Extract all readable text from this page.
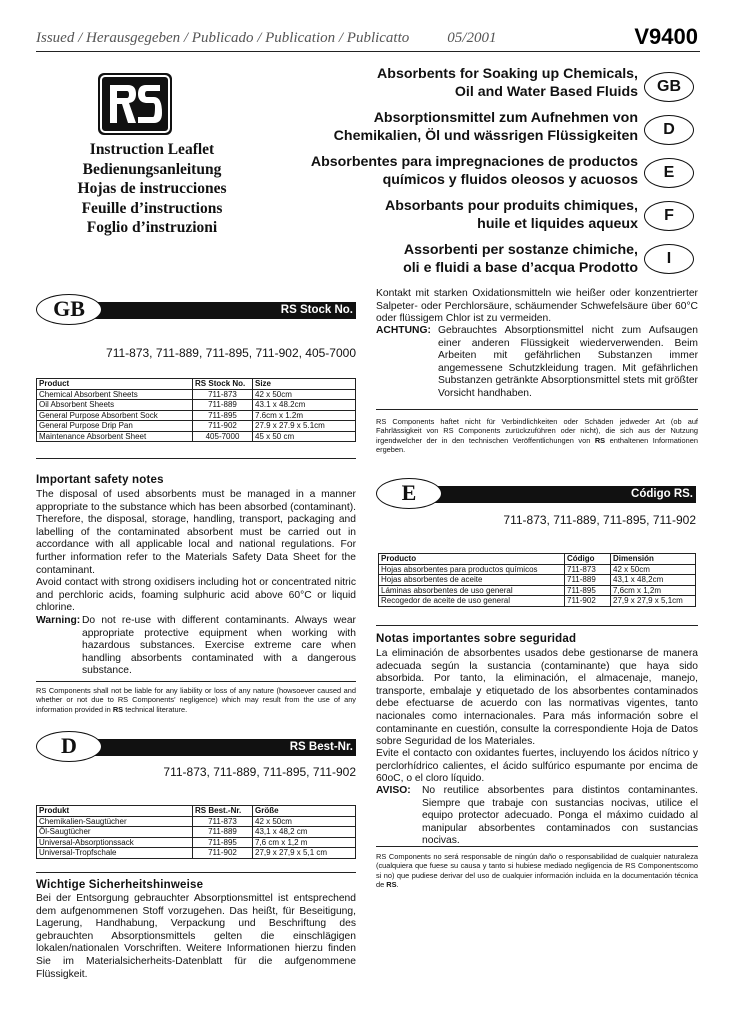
Issued / Herausgegeben / Publicado / Publication / Publicatto	05/2001	V9400
Instruction Leaflet
Bedienungsanleitung
Hojas de instrucciones
Feuille d’instructions
Foglio d’instruzioni
Absorbents for Soaking up Chemicals,
Oil and Water Based Fluids
Absorptionsmittel zum Aufnehmen von
Chemikalien, Öl und wässrigen Flüssigkeiten
Absorbentes para impregnaciones de productos
químicos y fluidos oleosos y acuosos
Absorbants pour produits chimiques,
huile et liquides aqueux
Assorbenti per sostanze chimiche,
oli e fluidi a base d’acqua Prodotto
GB
D
E
F
I
GB	RS Stock No.
711-873, 711-889, 711-895, 711-902, 405-7000
Product	RS Stock No.	Size
Chemical Absorbent Sheets	711-873	42 x 50cm
Oil Absorbent Sheets	711-889	43.1 x 48.2cm
General Purpose Absorbent Sock	711-895	7.6cm x 1.2m
General Purpose Drip Pan	711-902	27.9 x 27.9 x 5.1cm
Maintenance Absorbent Sheet	405-7000	45 x 50 cm
Important safety notes
The disposal of used absorbents must be managed in a manner appropriate to the substance which has been absorbed (contaminant). Therefore, the disposal, storage, handling, transport, packaging and labelling of the contaminated absorbent must be carried out in accordance with all applicable local and national regulations. For further information refer to the Materials Safety Data Sheet for the contaminant.
Avoid contact with strong oxidisers including hot or concentrated nitric and perchloric acids, foaming sulphuric acid above 60°C or liquid chlorine.
Warning: Do not re-use with different contaminants. Always wear appropriate protective equipment when working with hazardous substances. Exercise extreme care when handling absorbents contaminated with a dangerous substance.
RS Components shall not be liable for any liability or loss of any nature (howsoever caused and whether or not due to RS Components’ negligence) which may result from the use of any information provided in RS technical literature.
D	RS Best-Nr.
711-873, 711-889, 711-895, 711-902
Produkt	RS Best.-Nr.	Größe
Chemikalien-Saugtücher	711-873	42 x 50cm
Öl-Saugtücher	711-889	43,1 x 48,2 cm
Universal-Absorptionssack	711-895	7,6 cm x 1,2 m
Universal-Tropfschale	711-902	27,9 x 27,9 x 5,1 cm
Wichtige Sicherheitshinweise
Bei der Entsorgung gebrauchter Absorptionsmittel ist entsprechend dem aufgenommenen Stoff vorzugehen. Das heißt, für Beseitigung, Lagerung, Handhabung, Verpackung und Beschriftung des gebrauchten Absorptionsmittels gelten die einschlägigen lokalen/nationalen Vorschriften. Weitere Informationen hierzu finden Sie im Materialsicherheits-Datenblatt für die aufgenommene Flüssigkeit.
Kontakt mit starken Oxidationsmitteln wie heißer oder konzentrierter Salpeter- oder Perchlorsäure, schäumender Schwefelsäure über 60°C oder flüssigem Chlor ist zu vermeiden.
ACHTUNG: Gebrauchtes Absorptionsmittel nicht zum Aufsaugen einer anderen Flüssigkeit wiederverwenden. Beim Arbeiten mit gefährlichen Substanzen immer angemessene Schutzkleidung tragen. Mit gefährlichen Substanzen getränkte Absorptionsmittel stets mit größter Vorsicht handhaben.
RS Components haftet nicht für Verbindlichkeiten oder Schäden jedweder Art (ob auf Fahrlässigkeit von RS Components zurückzuführen oder nicht), die sich aus der Nutzung irgendwelcher der in den technischen Veröffentlichungen von RS enthaltenen Informationen ergeben.
E	Código RS.
711-873, 711-889, 711-895, 711-902
Producto	Código	Dimensión
Hojas absorbentes para productos químicos	711-873	42 x 50cm
Hojas absorbentes de aceite	711-889	43,1 x 48,2cm
Láminas absorbentes de uso general	711-895	7,6cm x 1,2m
Recogedor de aceite de uso general	711-902	27,9 x 27,9 x 5,1cm
Notas importantes sobre seguridad
La eliminación de absorbentes usados debe gestionarse de manera adecuada según la sustancia (contaminante) que haya sido absorbida. Por tanto, la eliminación, el almacenaje, manejo, transporte, embalaje y etiquetado de los absorbentes contaminados debe efectuarse de acuerdo con las normativas vigentes, tanto nacionales como internacionales. Para más información sobre el contaminante en cuestión, consulte la correspondiente Hoja de Datos sobre Seguridad de los Materiales.
Evite el contacto con oxidantes fuertes, incluyendo los ácidos nítrico y perclorhídrico calientes, el ácido sulfúrico espumante por encima de 60oC, o el cloro líquido.
AVISO:	No reutilice absorbentes para distintos contaminantes. Siempre que trabaje con sustancias nocivas, utilice el equipo protector adecuado. Ponga el máximo cuidado al manipular absorbentes contaminados con sustancias nocivas.
RS Components no será responsable de ningún daño o responsabilidad de cualquier naturaleza (cualquiera que fuese su causa y tanto si hubiese mediado negligencia de RS Componentscomo si no) que pudiese derivar del uso de cualquier información incluida en la documentación técnica de RS.
